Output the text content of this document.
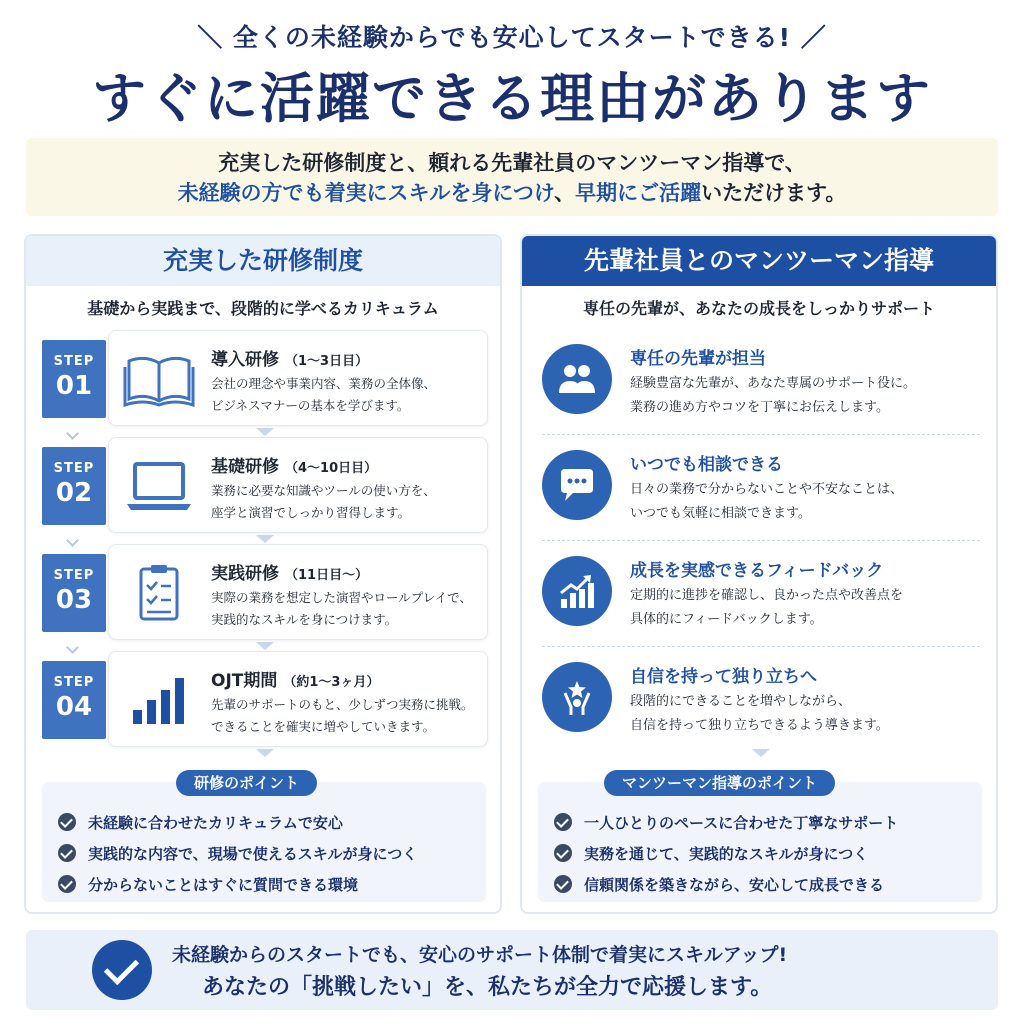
＼ 全くの未経験からでも安心してスタートできる! ／
すぐに活躍できる理由があります

充実した研修制度と、頼れる先輩社員のマンツーマン指導で、

未経験の方でも着実にスキルを身につけ、早期にご活躍いただけます。

充実した研修制度
基礎から実践まで、段階的に学べるカリキュラム
STEP
01
導入研修 （1〜3日目）
会社の理念や事業内容、業務の全体像、
ビジネスマナーの基本を学びます。
STEP
02
基礎研修 （4〜10日目）
業務に必要な知識やツールの使い方を、
座学と演習でしっかり習得します。
STEP
03
実践研修 （11日目〜）
実際の業務を想定した演習やロールプレイで、
実践的なスキルを身につけます。
STEP
04
OJT期間 （約1〜3ヶ月）
先輩のサポートのもと、少しずつ実務に挑戦。
できることを確実に増やしていきます。
未経験に合わせたカリキュラムで安心
実践的な内容で、現場で使えるスキルが身につく
分からないことはすぐに質問できる環境
研修のポイント
先輩社員とのマンツーマン指導
専任の先輩が、あなたの成長をしっかりサポート
専任の先輩が担当
経験豊富な先輩が、あなた専属のサポート役に。
業務の進め方やコツを丁寧にお伝えします。
いつでも相談できる
日々の業務で分からないことや不安なことは、
いつでも気軽に相談できます。
成長を実感できるフィードバック
定期的に進捗を確認し、良かった点や改善点を
具体的にフィードバックします。
自信を持って独り立ちへ
段階的にできることを増やしながら、
自信を持って独り立ちできるよう導きます。
一人ひとりのペースに合わせた丁寧なサポート
実務を通じて、実践的なスキルが身につく
信頼関係を築きながら、安心して成長できる
マンツーマン指導のポイント
未経験からのスタートでも、安心のサポート体制で着実にスキルアップ!
あなたの「挑戦したい」を、私たちが全力で応援します。
